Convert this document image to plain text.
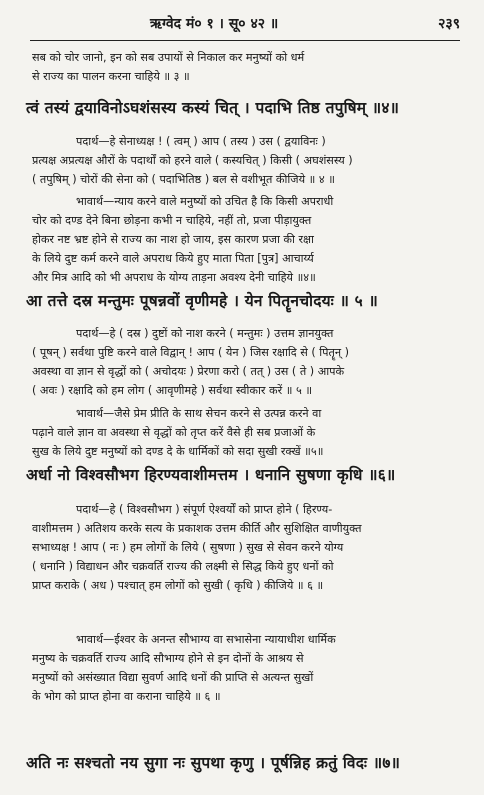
ऋग्वेद मं० १ । सू० ४२ ॥	२३९
सब को चोर जानो, इन को सब उपायों से निकाल कर मनुष्यों को धर्म
से राज्य का पालन करना चाहिये ॥ ३ ॥
त्वं तस्यं द्वयाविनोऽघशंसस्य कस्यं चित् । पदाभि तिष्ठ तपुषिम् ॥४॥
पदार्थ—हे सेनाध्यक्ष ! ( त्वम् ) आप ( तस्य ) उस ( द्वयाविनः )
प्रत्यक्ष अप्रत्यक्ष औरों के पदार्थों को हरने वाले ( कस्यचित् ) किसी ( अघशंसस्य )
( तपुषिम् ) चोरों की सेना को ( पदाभितिष्ठ ) बल से वशीभूत कीजिये ॥ ४ ॥
भावार्थ—न्याय करने वाले मनुष्यों को उचित है कि किसी अपराधी
चोर को दण्ड देने बिना छोड़ना कभी न चाहिये, नहीं तो, प्रजा पीड़ायुक्त
होकर नष्ट भ्रष्ट होने से राज्य का नाश हो जाय, इस कारण प्रजा की रक्षा
के लिये दुष्ट कर्म करने वाले अपराध किये हुए माता पिता [पुत्र] आचार्य्य
और मित्र आदि को भी अपराध के योग्य ताड़ना अवश्य देनी चाहिये ॥४॥
आ तत्ते दस्र मन्तुमः पूषन्नवों वृणीमहे । येन पितॄनचोदयः ॥ ५ ॥
पदार्थ—हे ( दस्र ) दुष्टों को नाश करने ( मन्तुमः ) उत्तम ज्ञानयुक्त
( पूषन् ) सर्वथा पुष्टि करने वाले विद्वान् ! आप ( येन ) जिस रक्षादि से ( पितॄन् )
अवस्था वा ज्ञान से वृद्धों को ( अचोदयः ) प्रेरणा करो ( तत् ) उस ( ते ) आपके
( अवः ) रक्षादि को हम लोग ( आवृणीमहे ) सर्वथा स्वीकार करें ॥ ५ ॥
भावार्थ—जैसे प्रेम प्रीति के साथ सेचन करने से उत्पन्न करने वा
पढ़ाने वाले ज्ञान वा अवस्था से वृद्धों को तृप्त करें वैसे ही सब प्रजाओं के
सुख के लिये दुष्ट मनुष्यों को दण्ड दे के धार्मिकों को सदा सुखी रक्खें ॥५॥
अर्धा नो विश्वसौभग हिरण्यवाशीमत्तम । धनानि सुषणा कृधि ॥६॥
पदार्थ—हे ( विश्वसौभग ) संपूर्ण ऐश्वर्यों को प्राप्त होने ( हिरण्य-
वाशीमत्तम ) अतिशय करके सत्य के प्रकाशक उत्तम कीर्ति और सुशिक्षित वाणीयुक्त
सभाध्यक्ष ! आप ( नः ) हम लोगों के लिये ( सुषणा ) सुख से सेवन करने योग्य
( धनानि ) विद्याधन और चक्रवर्ति राज्य की लक्ष्मी से सिद्ध किये हुए धनों को
प्राप्त कराके ( अध ) पश्चात् हम लोगों को सुखी ( कृधि ) कीजिये ॥ ६ ॥
भावार्थ—ईश्वर के अनन्त सौभाग्य वा सभासेना न्यायाधीश धार्मिक
मनुष्य के चक्रवर्ति राज्य आदि सौभाग्य होने से इन दोनों के आश्रय से
मनुष्यों को असंख्यात विद्या सुवर्ण आदि धनों की प्राप्ति से अत्यन्त सुखों
के भोग को प्राप्त होना वा कराना चाहिये ॥ ६ ॥
अति नः सश्चतो नय सुगा नः सुपथा कृणु । पूर्षन्निह क्रतुं विदः ॥७॥
